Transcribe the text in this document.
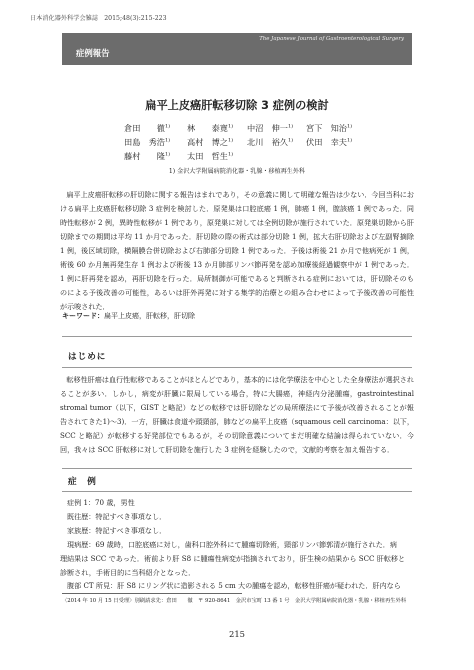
日本消化器外科学会雑誌　2015;48(3):215-223
The Japanese Journal of Gastroenterological Surgery
症例報告
扁平上皮癌肝転移切除 3 症例の検討
倉田　　徹$^{1)}$ 林　　泰寛$^{1)}$ 中沼　伸一$^{1)}$ 宮下　知治$^{1)}$
田島　秀浩$^{1)}$ 高村　博之$^{1)}$ 北川　裕久$^{1)}$ 伏田　幸夫$^{1)}$
藤村　　隆$^{1)}$ 太田　哲生$^{1)}$
1) 金沢大学附属病院消化器・乳腺・移植再生外科

扁平上皮癌肝転移の肝切除に関する報告はまれであり，その意義に関して明確な報告は少ない．今回当科における扁平上皮癌肝転移切除 3 症例を検討した．原発巣は口腔底癌 1 例，肺癌 1 例，膣該癌 1 例であった．同時性転移が 2 例，異時性転移が 1 例であり，原発巣に対しては全例切除が施行されていた．原発巣切除から肝切除までの期間は平均 11 か月であった．肝切除の際の術式は部分切除 1 例，拡大右肝切除および左副腎摘除 1 例，後区域切除，横隔膜合併切除および右肺部分切除 1 例であった．予後は術後 21 か月で他病死が 1 例，術後 60 か月無再発生存 1 例および術後 13 か月肺部リンパ節再発を認め加療後経過観察中が 1 例であった．1 例に肝再発を認め，再肝切除を行った．局所制御が可能であると判断される症例においては，肝切除そのものによる予後改善の可能性，あるいは肝外再発に対する集学的治療との組み合わせによって予後改善の可能性が示唆された．

キーワード：扁平上皮癌，肝転移，肝切除
はじめに

転移性肝癌は血行性転移であることがほとんどであり，基本的には化学療法を中心とした全身療法が選択されることが多い．しかし，病変が肝臓に限局している場合，特に大腸癌，神経内分泌腫瘍，gastrointestinal stromal tumor（以下，GIST と略記）などの転移では肝切除などの局所療法にて予後が改善されることが報告されてきた1)～3)．一方，肝臓は食道や頭頸部，肺などの扁平上皮癌（squamous cell carcinoma：以下，SCC と略記）が転移する好発部位でもあるが，その切除意義についてまだ明確な結論は得られていない．今回，我々は SCC 肝転移に対して肝切除を施行した 3 症例を経験したので，文献的考察を加え報告する．

症　例
症例 1：70 歳，男性
既往歴：特記すべき事項なし．
家族歴：特記すべき事項なし．
現病歴：69 歳時，口腔底癌に対し，歯科口腔外科にて腫瘍切除術，頸部リンパ節郭清が施行された．病
理結果は SCC であった．術前より肝 S8 に腫瘍性病変が指摘されており，肝生検の結果から SCC 肝転移と
診断され，手術目的に当科紹介となった．
腹部 CT 所見：肝 S8 にリング状に造影される 5 cm 大の腫瘍を認め，転移性肝癌が疑われた．肝内なら
〈2014 年 10 月 15 日受理〉別刷請求先：倉田　　徹　〒 920-8641　金沢市宝町 13 番 1 号　金沢大学附属病院消化器・乳腺・移植再生外科
215
